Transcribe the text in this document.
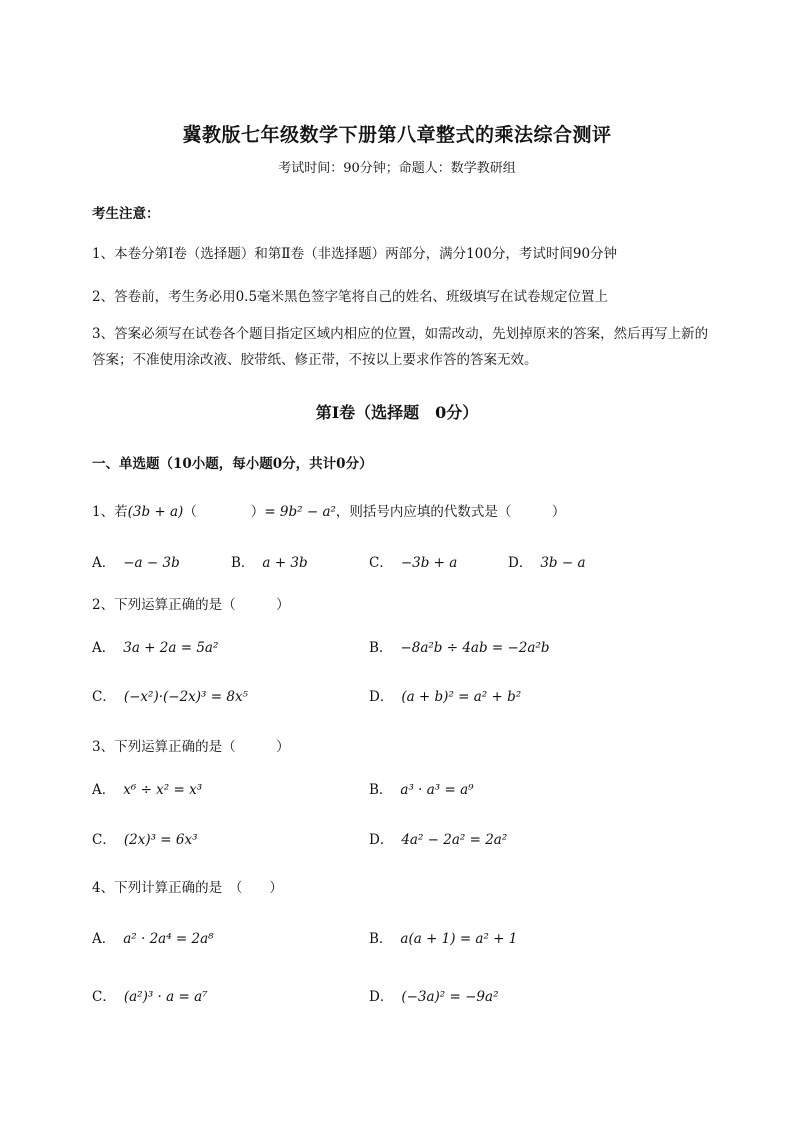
冀教版七年级数学下册第八章整式的乘法综合测评
考试时间：90分钟；命题人：数学教研组
考生注意：
1、本卷分第Ⅰ卷（选择题）和第Ⅱ卷（非选择题）两部分，满分100分，考试时间90分钟
2、答卷前，考生务必用0.5毫米黑色签字笔将自己的姓名、班级填写在试卷规定位置上
3、答案必须写在试卷各个题目指定区域内相应的位置，如需改动，先划掉原来的答案，然后再写上新的答案；不准使用涂改液、胶带纸、修正带，不按以上要求作答的答案无效。
第Ⅰ卷（选择题　0分）
一、单选题（10小题，每小题0分，共计0分）
1、若(3b + a)（　　　　）= 9b² − a²，则括号内应填的代数式是（　　　）
A． −a − 3b	B． a + 3b	C． −3b + a	D． 3b − a
2、下列运算正确的是（　　　）
A． 3a + 2a = 5a²	B． −8a²b ÷ 4ab = −2a²b
C． (−x²)·(−2x)³ = 8x⁵	D． (a + b)² = a² + b²
3、下列运算正确的是（　　　）
A． x⁶ ÷ x² = x³	B． a³ · a³ = a⁹
C． (2x)³ = 6x³	D． 4a² − 2a² = 2a²
4、下列计算正确的是　（　　）
A． a² · 2a⁴ = 2a⁸	B． a(a + 1) = a² + 1
C． (a²)³ · a = a⁷	D． (−3a)² = −9a²
